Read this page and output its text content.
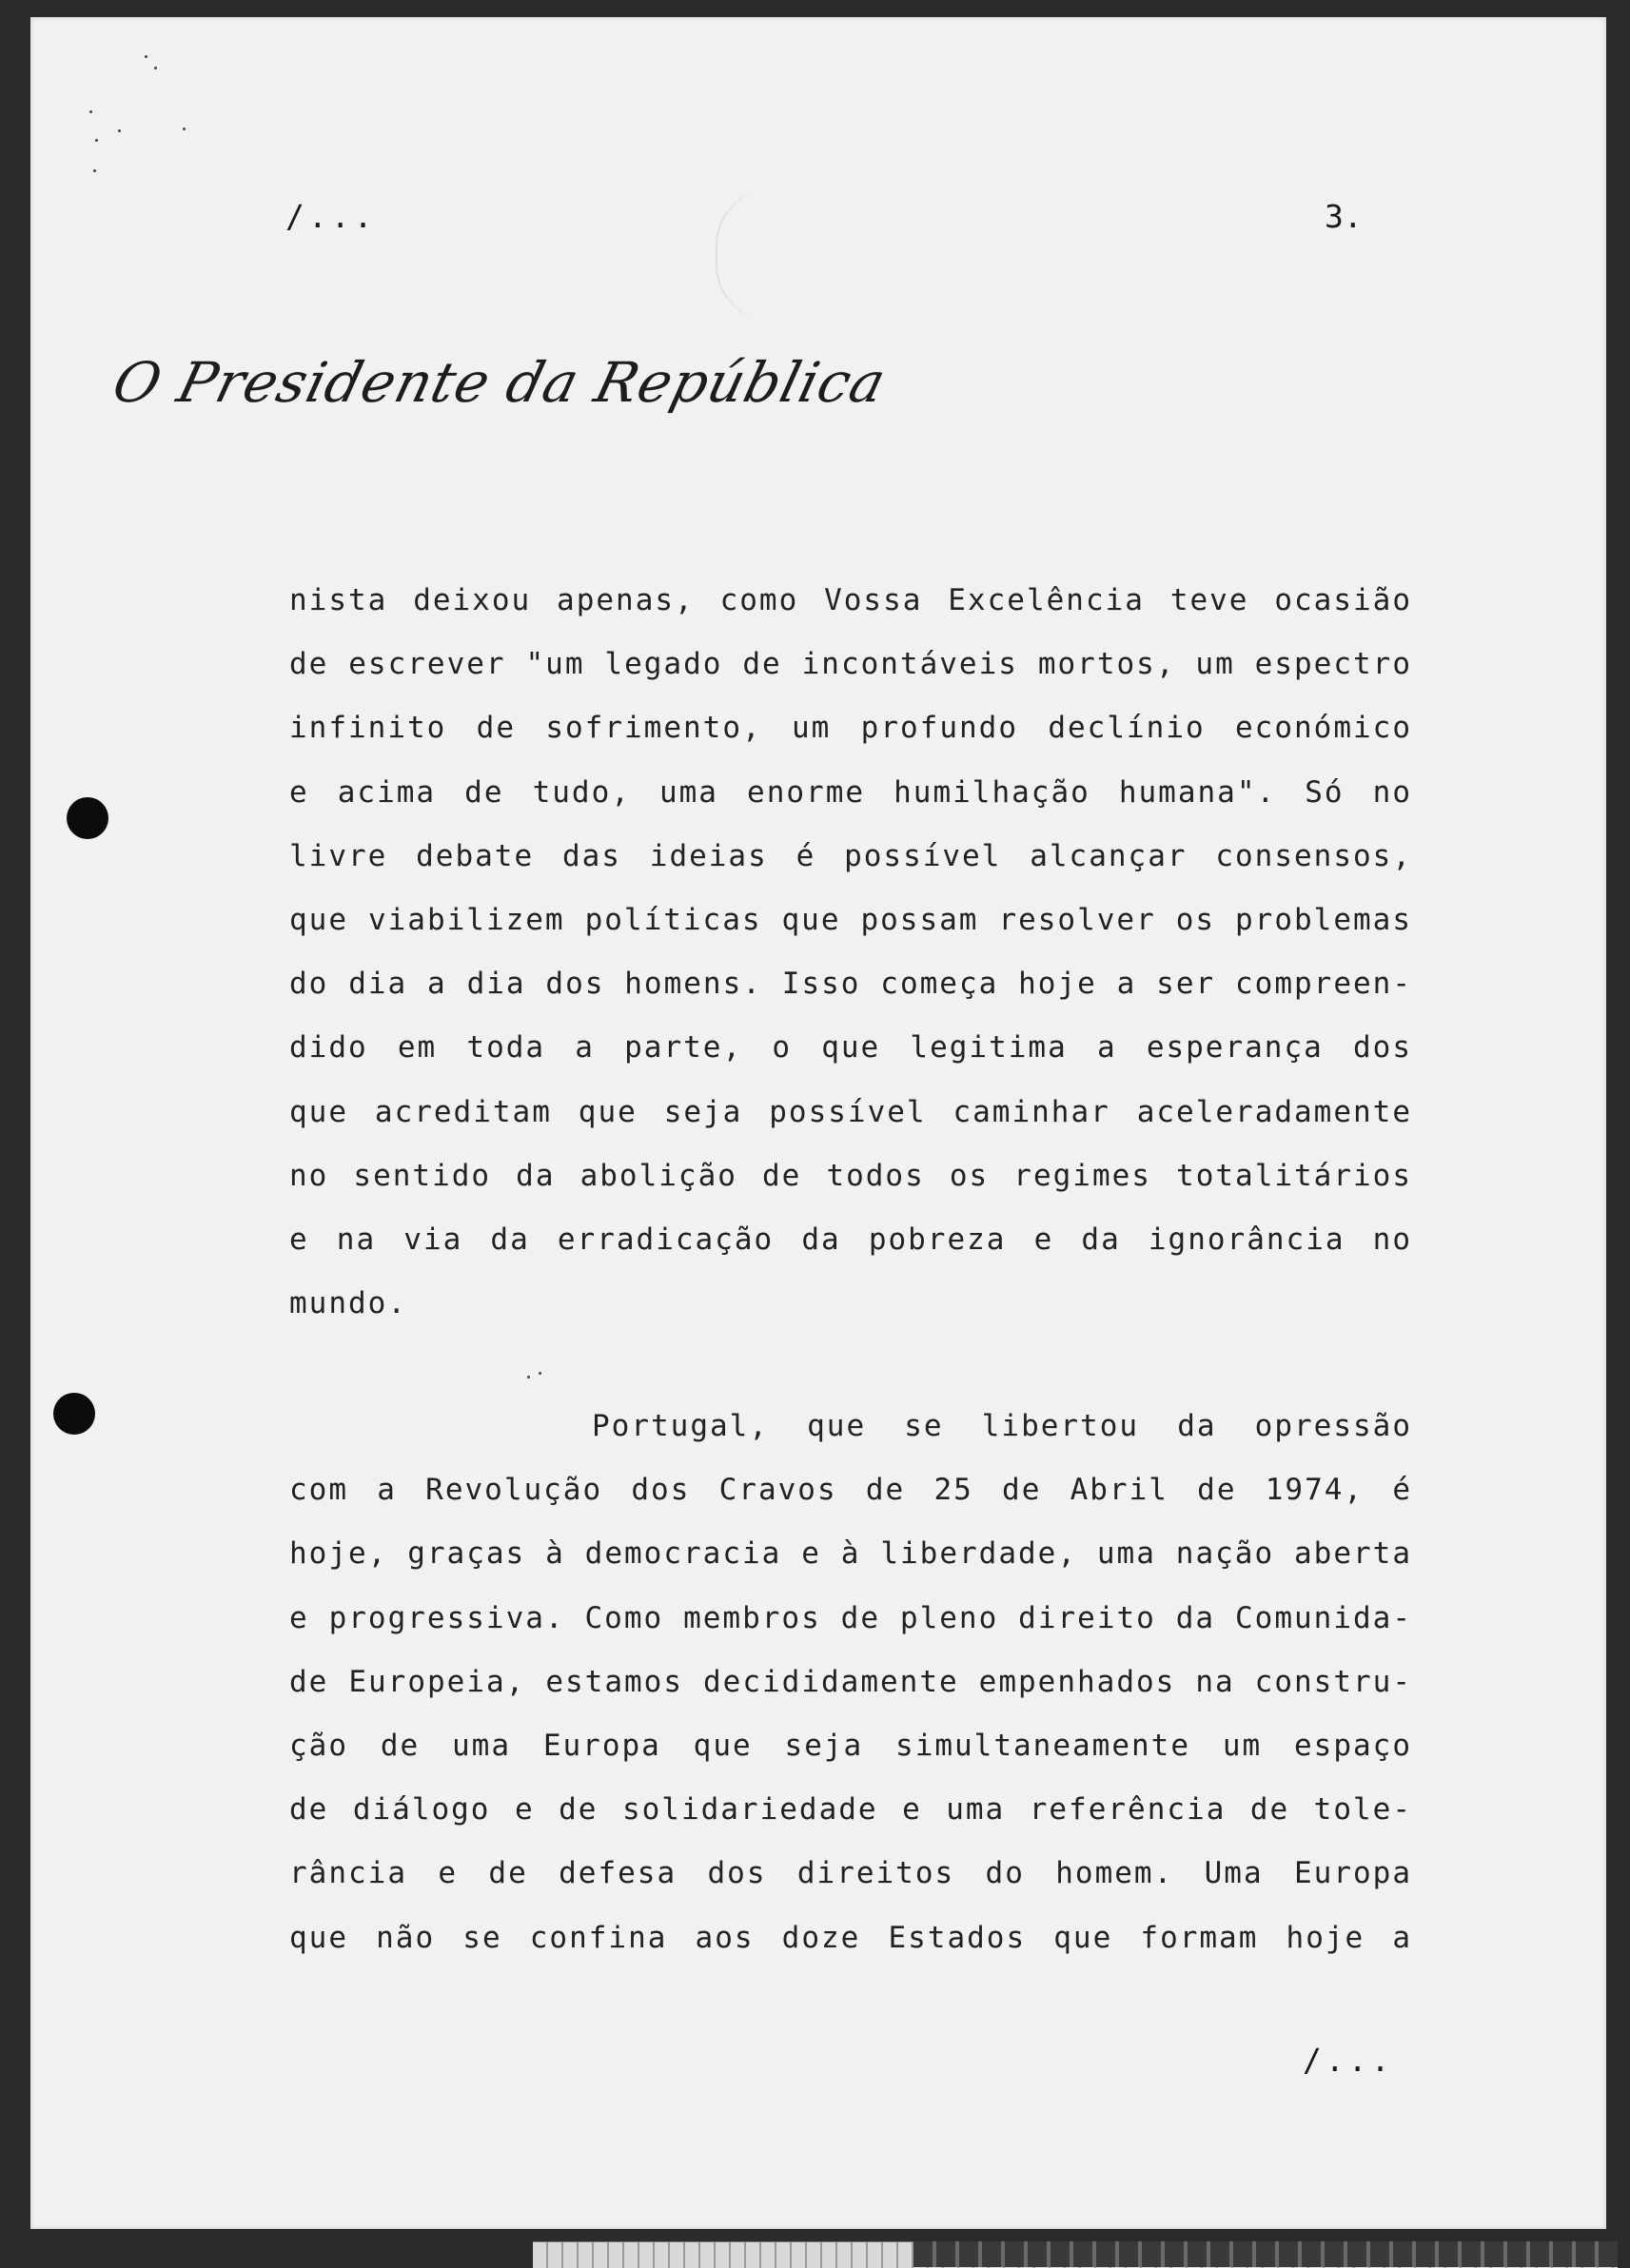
/...	3.
O Presidente da República
nista deixou apenas, como Vossa Excelência teve ocasião
de escrever "um legado de incontáveis mortos, um espectro
infinito de sofrimento, um profundo declínio económico
e acima de tudo, uma enorme humilhação humana". Só no
livre debate das ideias é possível alcançar consensos,
que viabilizem políticas que possam resolver os problemas
do dia a dia dos homens. Isso começa hoje a ser compreen-
dido em toda a parte, o que legitima a esperança dos
que acreditam que seja possível caminhar aceleradamente
no sentido da abolição de todos os regimes totalitários
e na via da erradicação da pobreza e da ignorância no
mundo.
Portugal, que se libertou da opressão
com a Revolução dos Cravos de 25 de Abril de 1974, é
hoje, graças à democracia e à liberdade, uma nação aberta
e progressiva. Como membros de pleno direito da Comunida-
de Europeia, estamos decididamente empenhados na constru-
ção de uma Europa que seja simultaneamente um espaço
de diálogo e de solidariedade e uma referência de tole-
rância e de defesa dos direitos do homem. Uma Europa
que não se confina aos doze Estados que formam hoje a
/...
